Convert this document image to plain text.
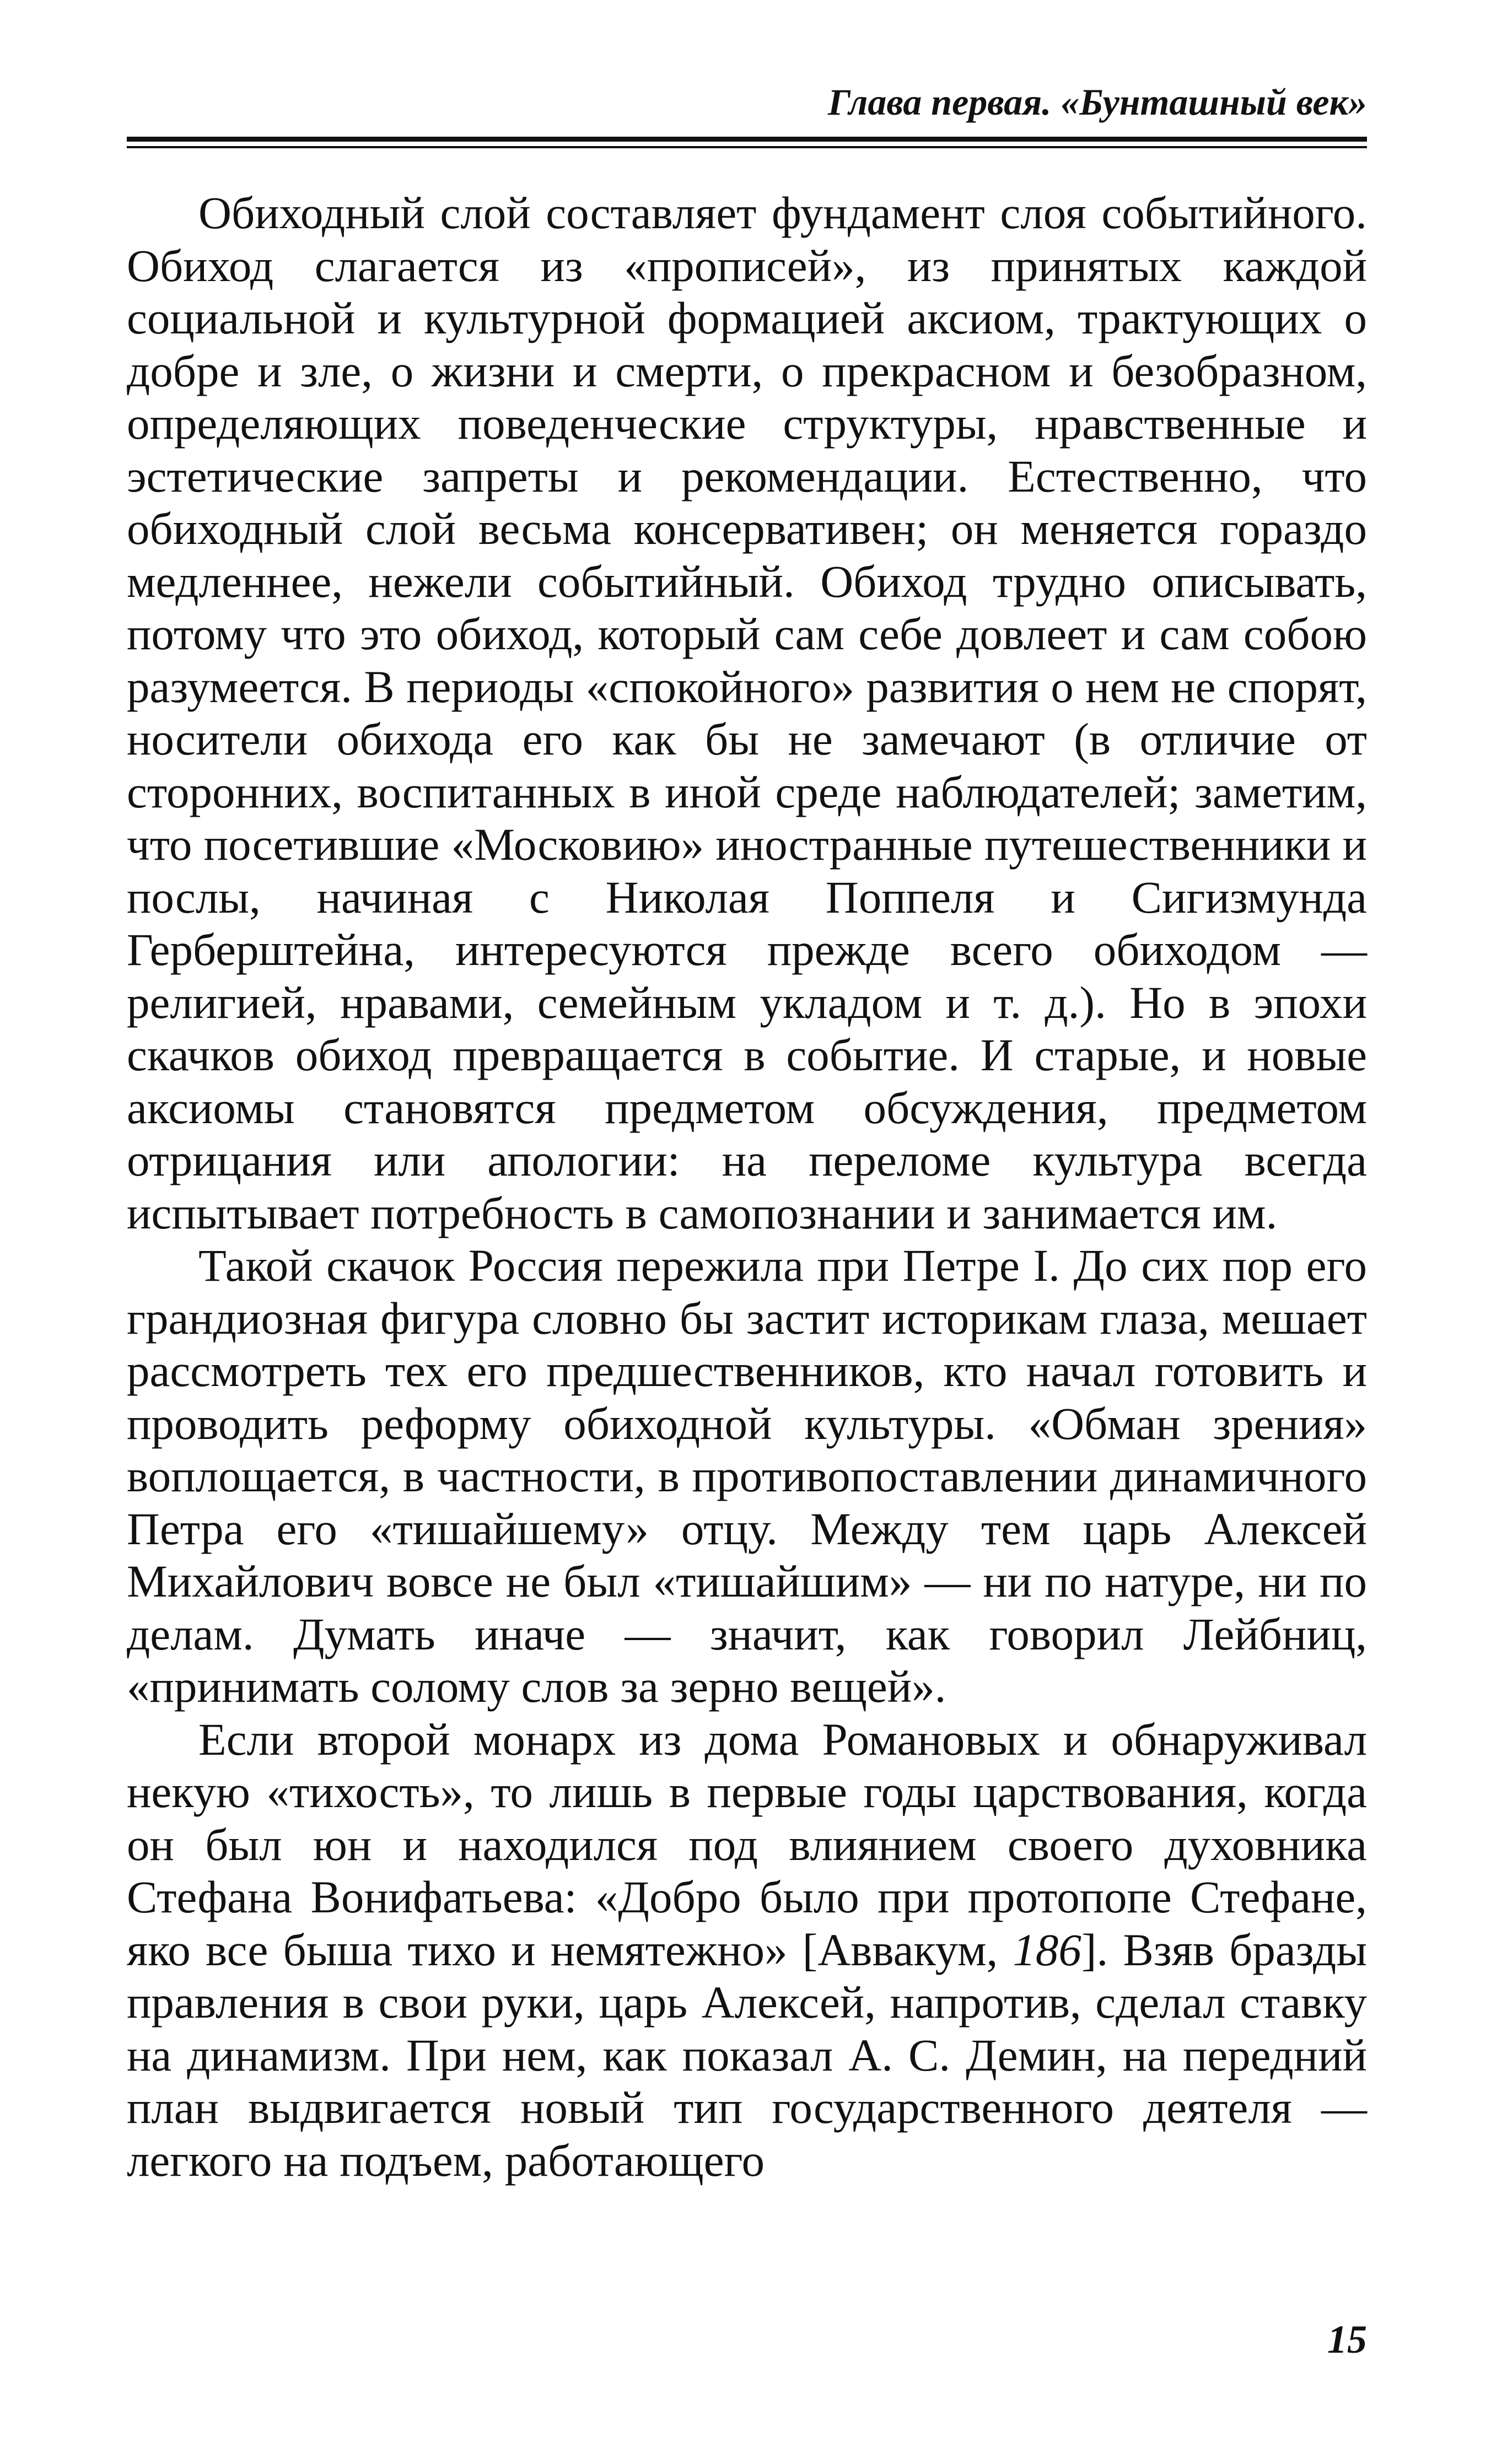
Глава первая. «Бунташный век»

Обиходный слой составляет фундамент слоя событийного. Обиход слагается из «прописей», из принятых каждой социальной и культурной формацией аксиом, трактующих о добре и зле, о жизни и смерти, о прекрасном и безобразном, определяющих поведенческие структуры, нравственные и эстетические запреты и рекомендации. Естественно, что обиходный слой весьма консервативен; он меняется гораздо медленнее, нежели событийный. Обиход трудно описывать, потому что это обиход, который сам себе довлеет и сам собою разумеется. В периоды «спокойного» развития о нем не спорят, носители обихода его как бы не замечают (в отличие от сторонних, воспитанных в иной среде наблюдателей; заметим, что посетившие «Московию» иностранные путешественники и послы, начиная с Николая Поппеля и Сигизмунда Герберштейна, интересуются прежде всего обиходом — религией, нравами, семейным укладом и т. д.). Но в эпохи скачков обиход превращается в событие. И старые, и новые аксиомы становятся предметом обсуждения, предметом отрицания или апологии: на переломе культура всегда испытывает потребность в самопознании и занимается им.

Такой скачок Россия пережила при Петре I. До сих пор его грандиозная фигура словно бы застит историкам глаза, мешает рассмотреть тех его предшественников, кто начал готовить и проводить реформу обиходной культуры. «Обман зрения» воплощается, в частности, в противопоставлении динамичного Петра его «тишайшему» отцу. Между тем царь Алексей Михайлович вовсе не был «тишайшим» — ни по натуре, ни по делам. Думать иначе — значит, как говорил Лейбниц, «принимать солому слов за зерно вещей».

Если второй монарх из дома Романовых и обнаруживал некую «тихость», то лишь в первые годы царствования, когда он был юн и находился под влиянием своего духовника Стефана Вонифатьева: «Добро было при протопопе Стефане, яко все быша тихо и немятежно» [Аввакум, 186]. Взяв бразды правления в свои руки, царь Алексей, напротив, сделал ставку на динамизм. При нем, как показал А. С. Демин, на передний план выдвигается новый тип государственного деятеля — легкого на подъем, работающего

15
